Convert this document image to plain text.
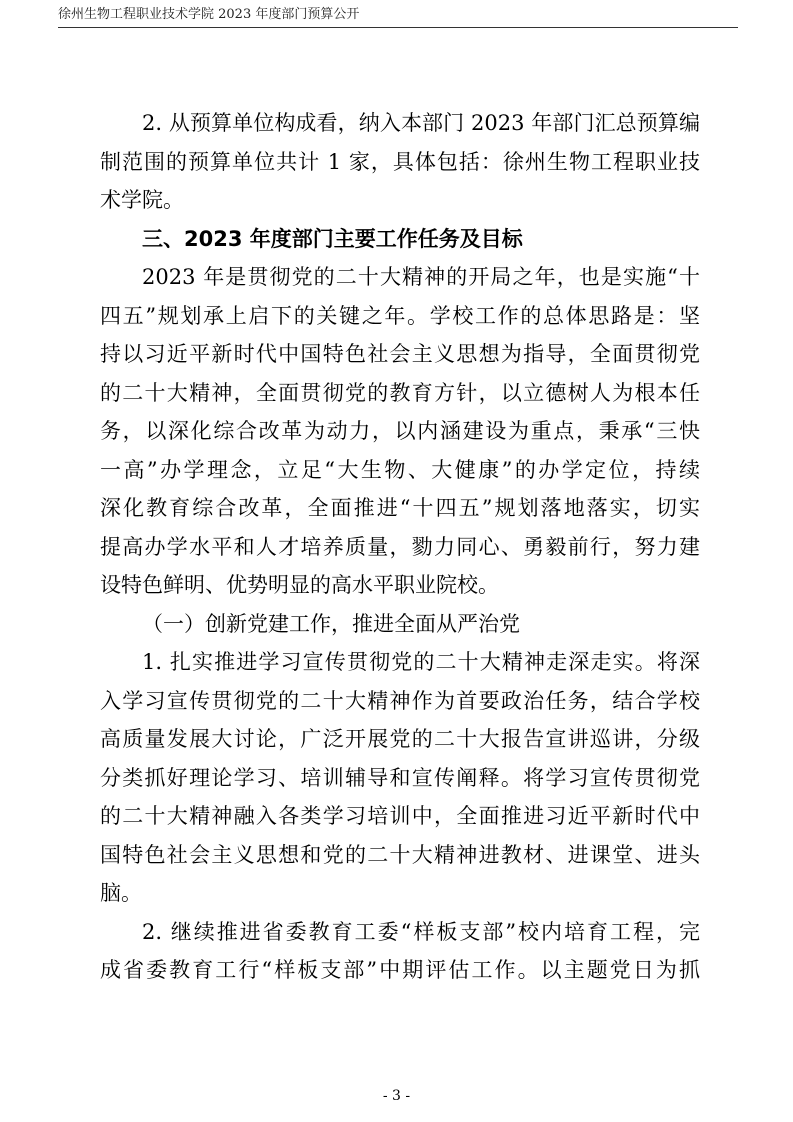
徐州生物工程职业技术学院 2023 年度部门预算公开
2. 从预算单位构成看，纳入本部门 2023 年部门汇总预算编
制范围的预算单位共计 1 家，具体包括：徐州生物工程职业技
术学院。
三、2023 年度部门主要工作任务及目标
2023 年是贯彻党的二十大精神的开局之年，也是实施“十
四五”规划承上启下的关键之年。学校工作的总体思路是：坚
持以习近平新时代中国特色社会主义思想为指导，全面贯彻党
的二十大精神，全面贯彻党的教育方针，以立德树人为根本任
务，以深化综合改革为动力，以内涵建设为重点，秉承“三快
一高”办学理念，立足“大生物、大健康”的办学定位，持续
深化教育综合改革，全面推进“十四五”规划落地落实，切实
提高办学水平和人才培养质量，勠力同心、勇毅前行，努力建
设特色鲜明、优势明显的高水平职业院校。
（一）创新党建工作，推进全面从严治党
1. 扎实推进学习宣传贯彻党的二十大精神走深走实。将深
入学习宣传贯彻党的二十大精神作为首要政治任务，结合学校
高质量发展大讨论，广泛开展党的二十大报告宣讲巡讲，分级
分类抓好理论学习、培训辅导和宣传阐释。将学习宣传贯彻党
的二十大精神融入各类学习培训中，全面推进习近平新时代中
国特色社会主义思想和党的二十大精神进教材、进课堂、进头
脑。
2. 继续推进省委教育工委“样板支部”校内培育工程，完
成省委教育工行“样板支部”中期评估工作。以主题党日为抓
- 3 -
